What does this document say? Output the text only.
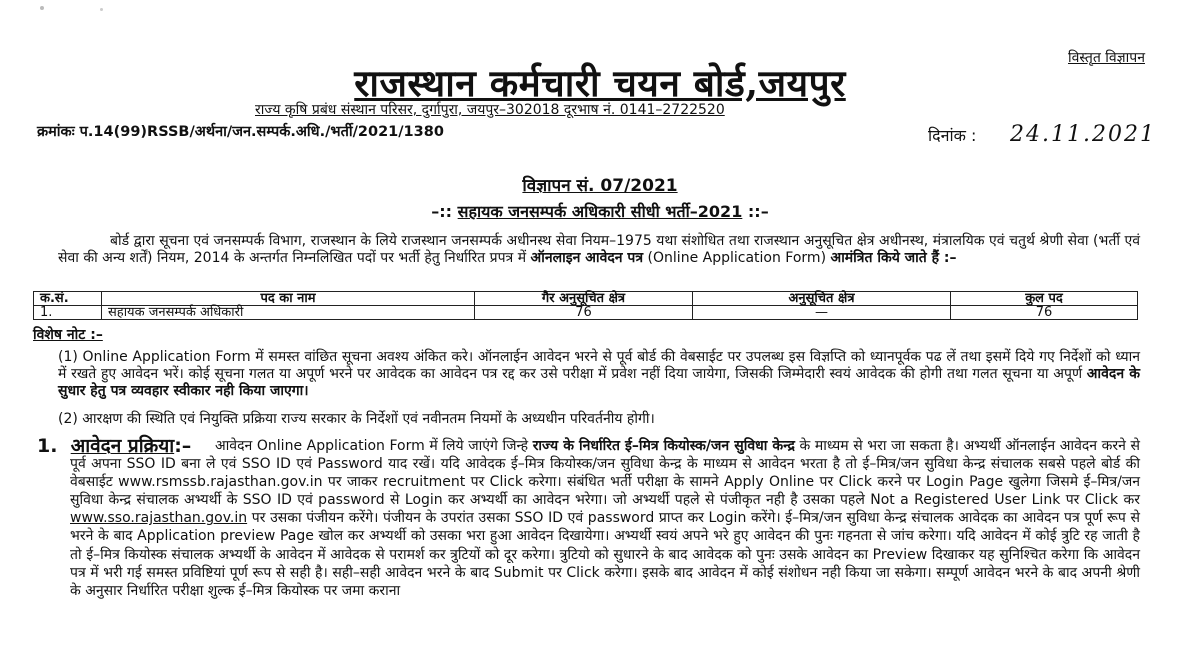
विस्तृत विज्ञापन
राजस्थान कर्मचारी चयन बोर्ड,जयपुर
राज्य कृषि प्रबंध संस्थान परिसर, दुर्गापुरा, जयपुर–302018 दूरभाष नं. 0141–2722520
क्रमांकः प.14(99)RSSB/अर्थना/जन.सम्पर्क.अधि./भर्ती/2021/1380	दिनांक : 24.11.2021
विज्ञापन सं. 07/2021
–:: सहायक जनसम्पर्क अधिकारी सीधी भर्ती–2021 ::–
बोर्ड द्वारा सूचना एवं जनसम्पर्क विभाग, राजस्थान के लिये राजस्थान जनसम्पर्क अधीनस्थ सेवा नियम–1975 यथा संशोधित तथा राजस्थान अनुसूचित क्षेत्र अधीनस्थ, मंत्रालयिक एवं चतुर्थ श्रेणी सेवा (भर्ती एवं सेवा की अन्य शर्तें) नियम, 2014 के अन्तर्गत निम्नलिखित पदों पर भर्ती हेतु निर्धारित प्रपत्र में ऑनलाइन आवेदन पत्र (Online Application Form) आमंत्रित किये जाते हैं :–
क.सं.	पद का नाम	गैर अनुसूचित क्षेत्र	अनुसूचित क्षेत्र	कुल पद
1.	सहायक जनसम्पर्क अधिकारी	76	—	76
विशेष नोट :–
(1) Online Application Form में समस्त वांछित सूचना अवश्य अंकित करे। ऑनलाईन आवेदन भरने से पूर्व बोर्ड की वेबसाईट पर उपलब्ध इस विज्ञप्ति को ध्यानपूर्वक पढ लें तथा इसमें दिये गए निर्देशों को ध्यान में रखते हुए आवेदन भरें। कोई सूचना गलत या अपूर्ण भरने पर आवेदक का आवेदन पत्र रद्द कर उसे परीक्षा में प्रवेश नहीं दिया जायेगा, जिसकी जिम्मेदारी स्वयं आवेदक की होगी तथा गलत सूचना या अपूर्ण आवेदन के सुधार हेतु पत्र व्यवहार स्वीकार नही किया जाएगा।
(2) आरक्षण की स्थिति एवं नियुक्ति प्रक्रिया राज्य सरकार के निर्देशों एवं नवीनतम नियमों के अध्यधीन परिवर्तनीय होगी।
1. आवेदन प्रक्रिया:–	आवेदन Online Application Form में लिये जाएंगे जिन्हे राज्य के निर्धारित ई–मित्र कियोस्क/जन सुविधा केन्द्र के माध्यम से भरा जा सकता है। अभ्यर्थी ऑनलाईन आवेदन करने से पूर्व अपना SSO ID बना ले एवं SSO ID एवं Password याद रखें। यदि आवेदक ई–मित्र कियोस्क/जन सुविधा केन्द्र के माध्यम से आवेदन भरता है तो ई–मित्र/जन सुविधा केन्द्र संचालक सबसे पहले बोर्ड की वेबसाईट www.rsmssb.rajasthan.gov.in पर जाकर recruitment पर Click करेगा। संबंधित भर्ती परीक्षा के सामने Apply Online पर Click करने पर Login Page खुलेगा जिसमे ई–मित्र/जन सुविधा केन्द्र संचालक अभ्यर्थी के SSO ID एवं password से Login कर अभ्यर्थी का आवेदन भरेगा। जो अभ्यर्थी पहले से पंजीकृत नही है उसका पहले Not a Registered User Link पर Click कर www.sso.rajasthan.gov.in पर उसका पंजीयन करेंगे। पंजीयन के उपरांत उसका SSO ID एवं password प्राप्त कर Login करेंगे। ई–मित्र/जन सुविधा केन्द्र संचालक आवेदक का आवेदन पत्र पूर्ण रूप से भरने के बाद Application preview Page खोल कर अभ्यर्थी को उसका भरा हुआ आवेदन दिखायेगा। अभ्यर्थी स्वयं अपने भरे हुए आवेदन की पुनः गहनता से जांच करेगा। यदि आवेदन में कोई त्रुटि रह जाती है तो ई–मित्र कियोस्क संचालक अभ्यर्थी के आवेदन में आवेदक से परामर्श कर त्रुटियों को दूर करेगा। त्रुटियो को सुधारने के बाद आवेदक को पुनः उसके आवेदन का Preview दिखाकर यह सुनिश्चित करेगा कि आवेदन पत्र में भरी गई समस्त प्रविष्टियां पूर्ण रूप से सही है। सही–सही आवेदन भरने के बाद Submit पर Click करेगा। इसके बाद आवेदन में कोई संशोधन नही किया जा सकेगा। सम्पूर्ण आवेदन भरने के बाद अपनी श्रेणी के अनुसार निर्धारित परीक्षा शुल्क ई–मित्र कियोस्क पर जमा कराना
